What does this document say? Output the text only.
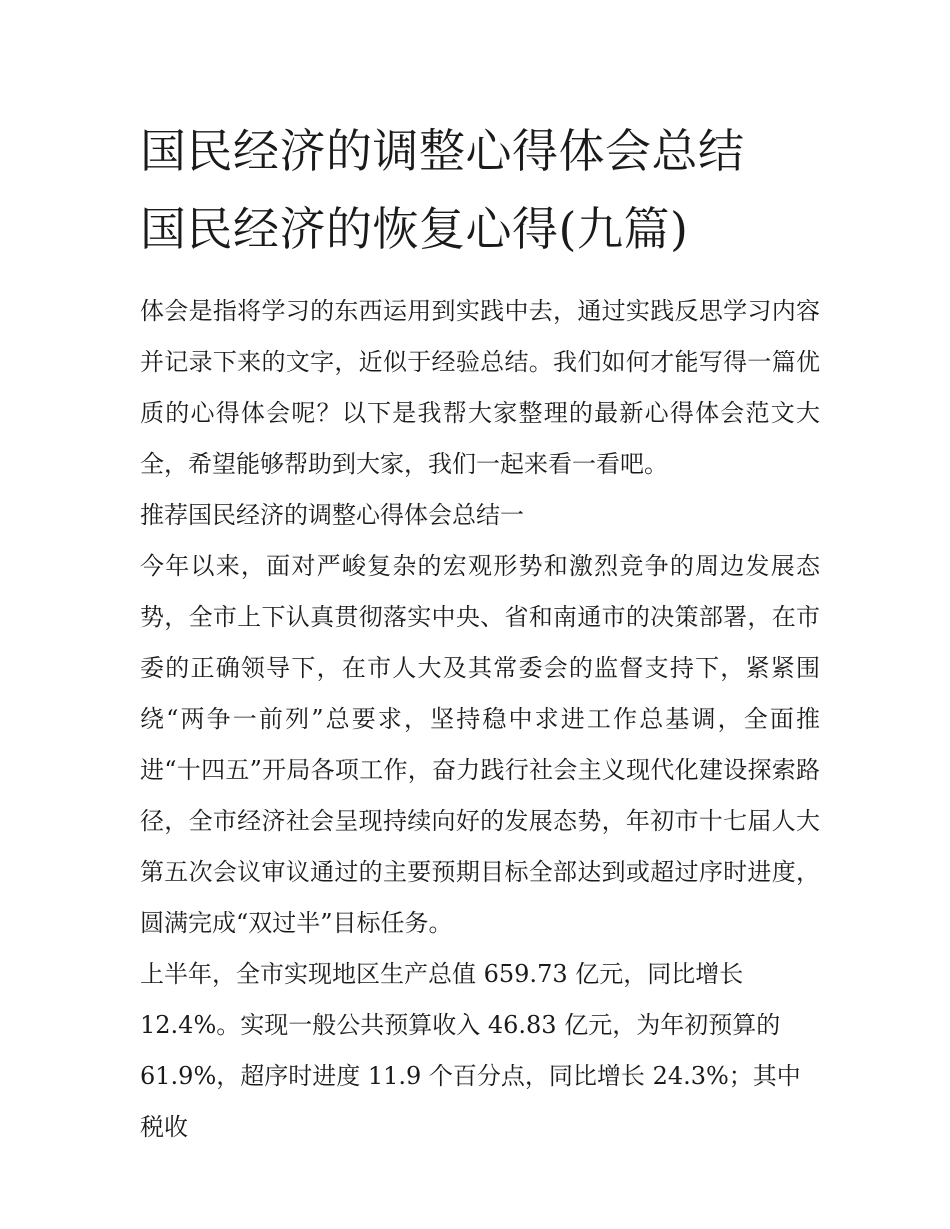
国民经济的调整心得体会总结
国民经济的恢复心得(九篇)

体会是指将学习的东西运用到实践中去，通过实践反思学习内容并记录下来的文字，近似于经验总结。我们如何才能写得一篇优质的心得体会呢？以下是我帮大家整理的最新心得体会范文大全，希望能够帮助到大家，我们一起来看一看吧。

推荐国民经济的调整心得体会总结一

今年以来，面对严峻复杂的宏观形势和激烈竞争的周边发展态势，全市上下认真贯彻落实中央、省和南通市的决策部署，在市委的正确领导下，在市人大及其常委会的监督支持下，紧紧围绕“两争一前列”总要求，坚持稳中求进工作总基调，全面推进“十四五”开局各项工作，奋力践行社会主义现代化建设探索路径，全市经济社会呈现持续向好的发展态势，年初市十七届人大第五次会议审议通过的主要预期目标全部达到或超过序时进度，圆满完成“双过半”目标任务。

上半年，全市实现地区生产总值 659.73 亿元，同比增长
12.4%。实现一般公共预算收入 46.83 亿元，为年初预算的
61.9%，超序时进度 11.9 个百分点，同比增长 24.3%；其中税收
